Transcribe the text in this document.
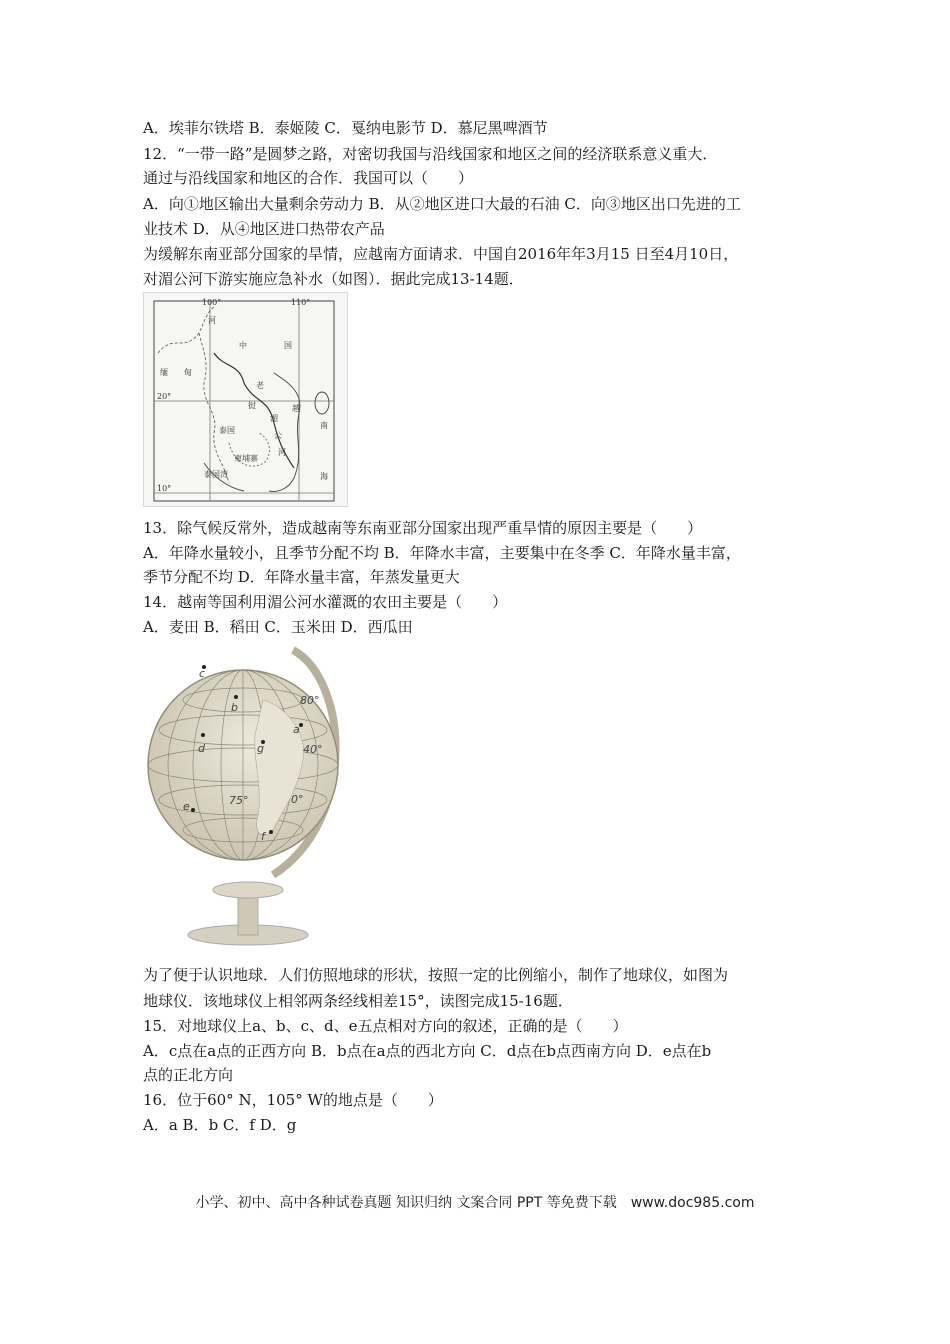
A．埃菲尔铁塔 B．泰姬陵 C．戛纳电影节 D．慕尼黑啤酒节
12．“一带一路”是圆梦之路，对密切我国与沿线国家和地区之间的经济联系意义重大．
通过与沿线国家和地区的合作．我国可以（　　）
A．向①地区输出大量剩余劳动力 B．从②地区进口大最的石油 C．向③地区出口先进的工
业技术 D．从④地区进口热带农产品
为缓解东南亚部分国家的旱情，应越南方面请求．中国自2016年年3月15 日至4月10日，
对湄公河下游实施应急补水（如图）．据此完成13-14题．
100°	110°
20°
10°
河
中	国
缅 甸
老
挝
泰国
柬埔寨
湄
公
河
泰国湾
南
海
越
13．除气候反常外，造成越南等东南亚部分国家出现严重旱情的原因主要是（　　）
A．年降水量较小，且季节分配不均 B．年降水丰富，主要集中在冬季 C．年降水量丰富，
季节分配不均 D．年降水量丰富，年蒸发量更大
14．越南等国利用湄公河水灌溉的农田主要是（　　）
A．麦田 B．稻田 C．玉米田 D．西瓜田
c
b
d	g
a
e
f
80°
40°
0°
75°
为了便于认识地球．人们仿照地球的形状，按照一定的比例缩小，制作了地球仪，如图为
地球仪．该地球仪上相邻两条经线相差15°，读图完成15-16题．
15．对地球仪上a、b、c、d、e五点相对方向的叙述，正确的是（　　）
A．c点在a点的正西方向 B．b点在a点的西北方向 C．d点在b点西南方向 D．e点在b
点的正北方向
16．位于60° N，105° W的地点是（　　）
A．a B．b C．f D．g
小学、初中、高中各种试卷真题 知识归纳 文案合同 PPT 等免费下载　www.doc985.com
